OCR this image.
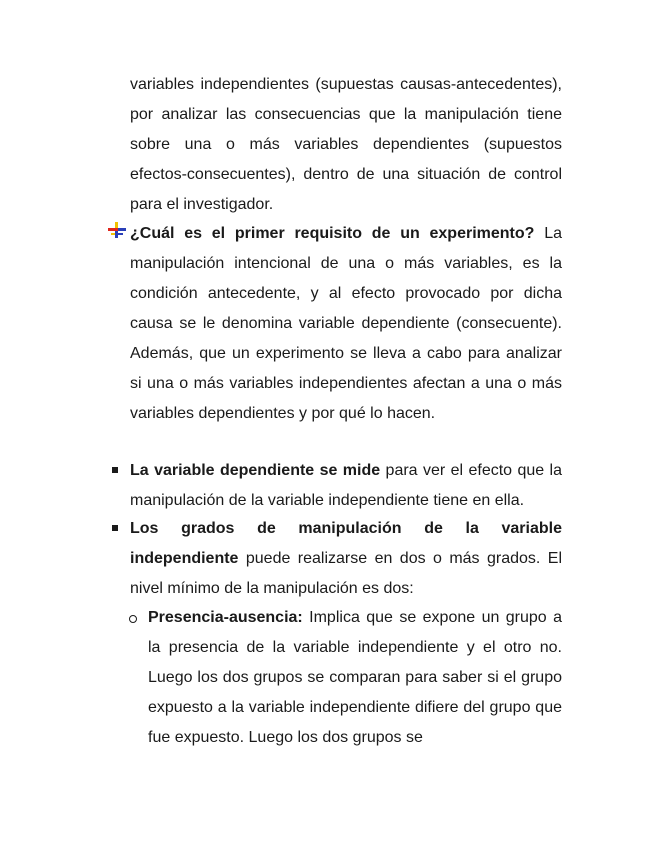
variables independientes (supuestas causas-antecedentes), por analizar las consecuencias que la manipulación tiene sobre una o más variables dependientes (supuestos efectos-consecuentes), dentro de una situación de control para el investigador.
¿Cuál es el primer requisito de un experimento? La manipulación intencional de una o más variables, es la condición antecedente, y al efecto provocado por dicha causa se le denomina variable dependiente (consecuente). Además, que un experimento se lleva a cabo para analizar si una o más variables independientes afectan a una o más variables dependientes y por qué lo hacen.
La variable dependiente se mide para ver el efecto que la manipulación de la variable independiente tiene en ella.
Los grados de manipulación de la variable independiente puede realizarse en dos o más grados. El nivel mínimo de la manipulación es dos:
Presencia-ausencia: Implica que se expone un grupo a la presencia de la variable independiente y el otro no. Luego los dos grupos se comparan para saber si el grupo expuesto a la variable independiente difiere del grupo que fue expuesto. Luego los dos grupos se
